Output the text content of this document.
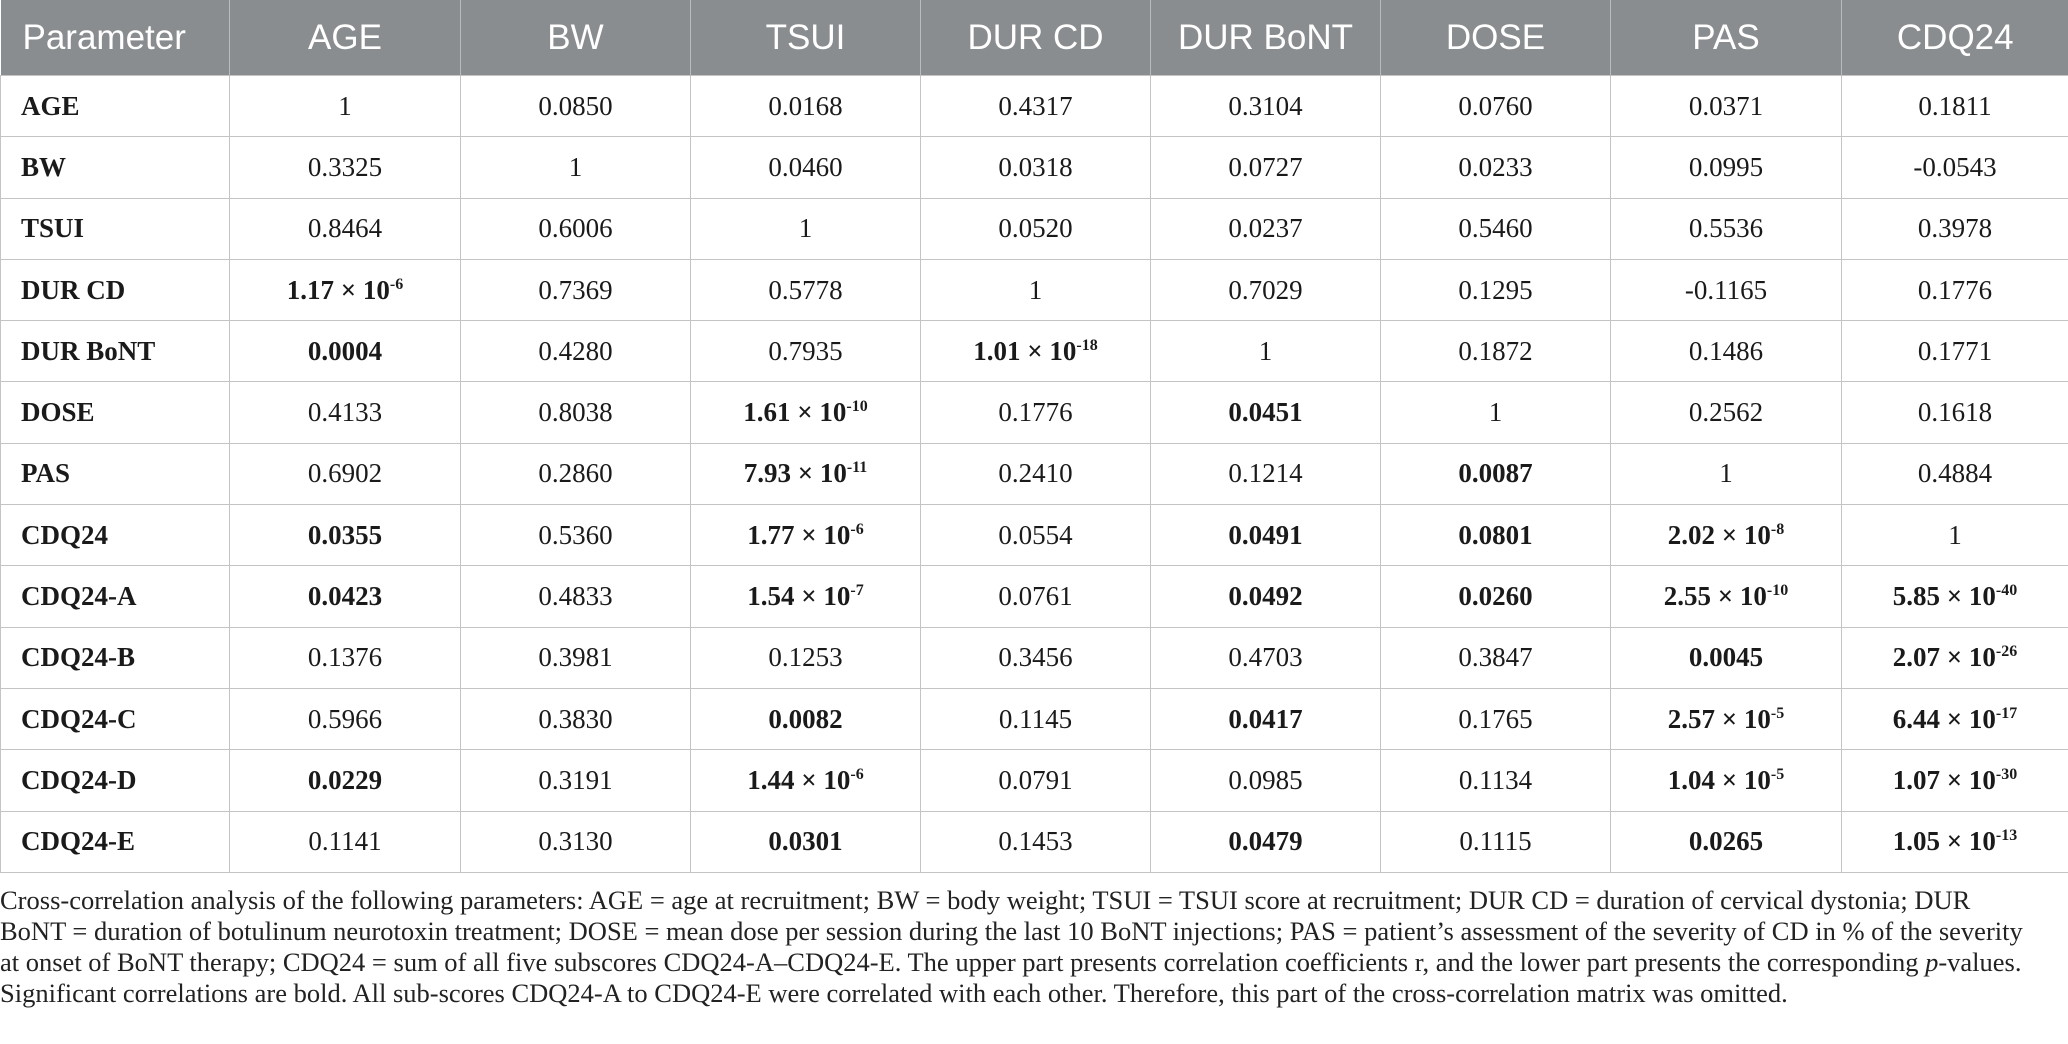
Parameter	AGE	BW	TSUI	DUR CD	DUR BoNT	DOSE	PAS	CDQ24
AGE	1	0.0850	0.0168	0.4317	0.3104	0.0760	0.0371	0.1811
BW	0.3325	1	0.0460	0.0318	0.0727	0.0233	0.0995	-0.0543
TSUI	0.8464	0.6006	1	0.0520	0.0237	0.5460	0.5536	0.3978
DUR CD	$1.17 \times 10^{-6}$	0.7369	0.5778	1	0.7029	0.1295	-0.1165	0.1776
DUR BoNT	0.0004	0.4280	0.7935	$1.01 \times 10^{-18}$	1	0.1872	0.1486	0.1771
DOSE	0.4133	0.8038	$1.61 \times 10^{-10}$	0.1776	0.0451	1	0.2562	0.1618
PAS	0.6902	0.2860	$7.93 \times 10^{-11}$	0.2410	0.1214	0.0087	1	0.4884
CDQ24	0.0355	0.5360	$1.77 \times 10^{-6}$	0.0554	0.0491	0.0801	$2.02 \times 10^{-8}$	1
CDQ24-A	0.0423	0.4833	$1.54 \times 10^{-7}$	0.0761	0.0492	0.0260	$2.55 \times 10^{-10}$	$5.85 \times 10^{-40}$
CDQ24-B	0.1376	0.3981	0.1253	0.3456	0.4703	0.3847	0.0045	$2.07 \times 10^{-26}$
CDQ24-C	0.5966	0.3830	0.0082	0.1145	0.0417	0.1765	$2.57 \times 10^{-5}$	$6.44 \times 10^{-17}$
CDQ24-D	0.0229	0.3191	$1.44 \times 10^{-6}$	0.0791	0.0985	0.1134	$1.04 \times 10^{-5}$	$1.07 \times 10^{-30}$
CDQ24-E	0.1141	0.3130	0.0301	0.1453	0.0479	0.1115	0.0265	$1.05 \times 10^{-13}$
Cross-correlation analysis of the following parameters: AGE = age at recruitment; BW = body weight; TSUI = TSUI score at recruitment; DUR CD = duration of cervical dystonia; DUR BoNT = duration of botulinum neurotoxin treatment; DOSE = mean dose per session during the last 10 BoNT injections; PAS = patient’s assessment of the severity of CD in % of the severity at onset of BoNT therapy; CDQ24 = sum of all five subscores CDQ24-A–CDQ24-E. The upper part presents correlation coefficients r, and the lower part presents the corresponding p-values. Significant correlations are bold. All sub-scores CDQ24-A to CDQ24-E were correlated with each other. Therefore, this part of the cross-correlation matrix was omitted.
